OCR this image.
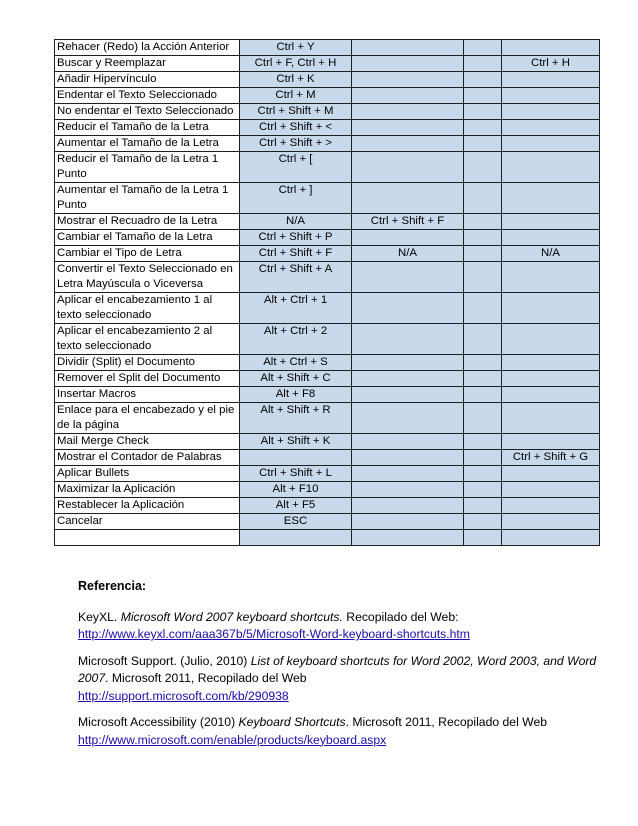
Rehacer (Redo) la Acción Anterior	Ctrl + Y			
Buscar y Reemplazar	Ctrl + F, Ctrl + H			Ctrl + H
Añadir Hipervínculo	Ctrl + K			
Endentar el Texto Seleccionado	Ctrl + M			
No endentar el Texto Seleccionado	Ctrl + Shift + M			
Reducir el Tamaño de la Letra	Ctrl + Shift + <			
Aumentar el Tamaño de la Letra	Ctrl + Shift + >			
Reducir el Tamaño de la Letra 1 Punto	Ctrl + [			
Aumentar el Tamaño de la Letra 1 Punto	Ctrl + ]			
Mostrar el Recuadro de la Letra	N/A	Ctrl + Shift + F		
Cambiar el Tamaño de la Letra	Ctrl + Shift + P			
Cambiar el Tipo de Letra	Ctrl + Shift + F	N/A		N/A
Convertir el Texto Seleccionado en Letra Mayúscula o Viceversa	Ctrl + Shift + A			
Aplicar el encabezamiento 1 al texto seleccionado	Alt + Ctrl + 1			
Aplicar el encabezamiento 2 al texto seleccionado	Alt + Ctrl + 2			
Dividir (Split) el Documento	Alt + Ctrl + S			
Remover el Split del Documento	Alt + Shift + C			
Insertar Macros	Alt + F8			
Enlace para el encabezado y el pie de la página	Alt + Shift + R			
Mail Merge Check	Alt + Shift + K			
Mostrar el Contador de Palabras				Ctrl + Shift + G
Aplicar Bullets	Ctrl + Shift + L			
Maximizar la Aplicación	Alt + F10			
Restablecer la Aplicación	Alt + F5			
Cancelar	ESC			

Referencia:

KeyXL. Microsoft Word 2007 keyboard shortcuts. Recopilado del Web:
http://www.keyxl.com/aaa367b/5/Microsoft-Word-keyboard-shortcuts.htm

Microsoft Support. (Julio, 2010) List of keyboard shortcuts for Word 2002, Word 2003, and Word 2007. Microsoft 2011, Recopilado del Web
http://support.microsoft.com/kb/290938

Microsoft Accessibility (2010) Keyboard Shortcuts. Microsoft 2011, Recopilado del Web
http://www.microsoft.com/enable/products/keyboard.aspx
